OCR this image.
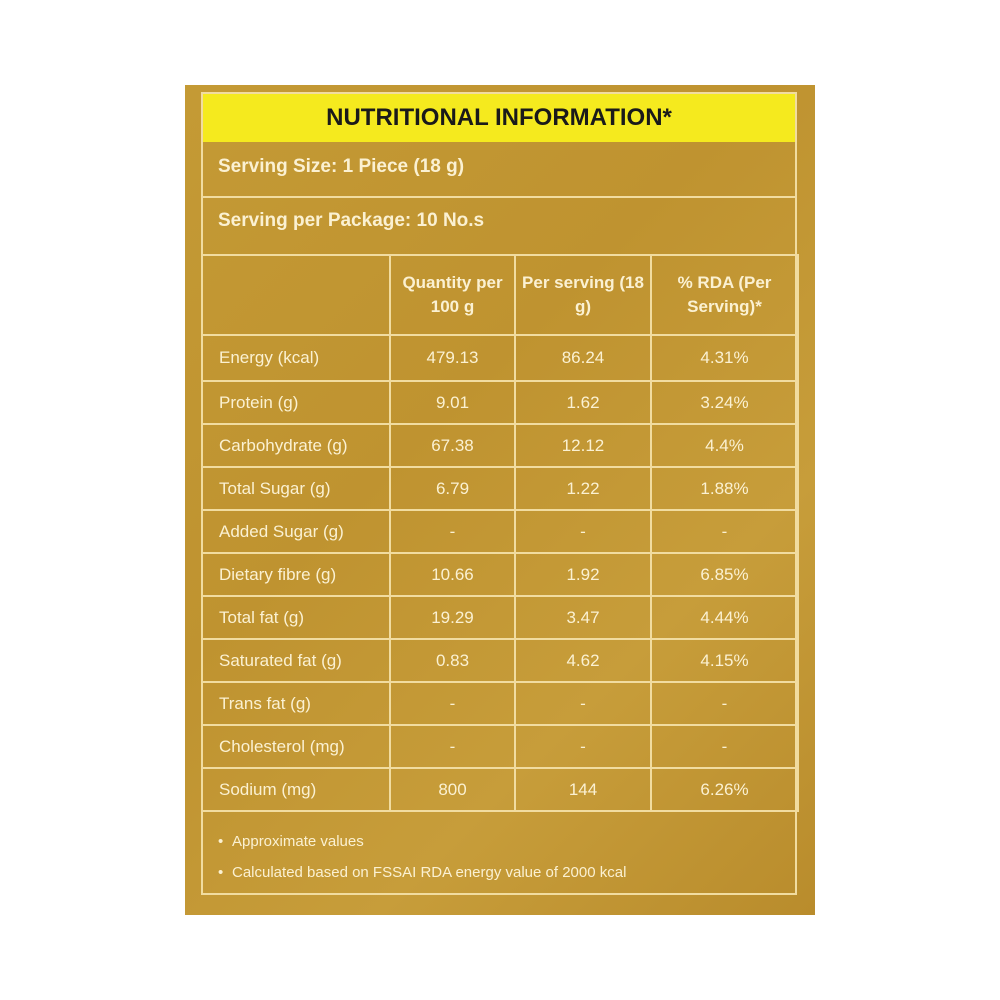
NUTRITIONAL INFORMATION*
Serving Size: 1 Piece (18 g)
Serving per Package: 10 No.s
	Quantity per 100 g	Per serving (18 g)	% RDA (Per Serving)*
Energy (kcal)	479.13	86.24	4.31%
Protein (g)	9.01	1.62	3.24%
Carbohydrate (g)	67.38	12.12	4.4%
Total Sugar (g)	6.79	1.22	1.88%
Added Sugar (g)	-	-	-
Dietary fibre (g)	10.66	1.92	6.85%
Total fat (g)	19.29	3.47	4.44%
Saturated fat (g)	0.83	4.62	4.15%
Trans fat (g)	-	-	-
Cholesterol (mg)	-	-	-
Sodium (mg)	800	144	6.26%
• Approximate values
• Calculated based on FSSAI RDA energy value of 2000 kcal
